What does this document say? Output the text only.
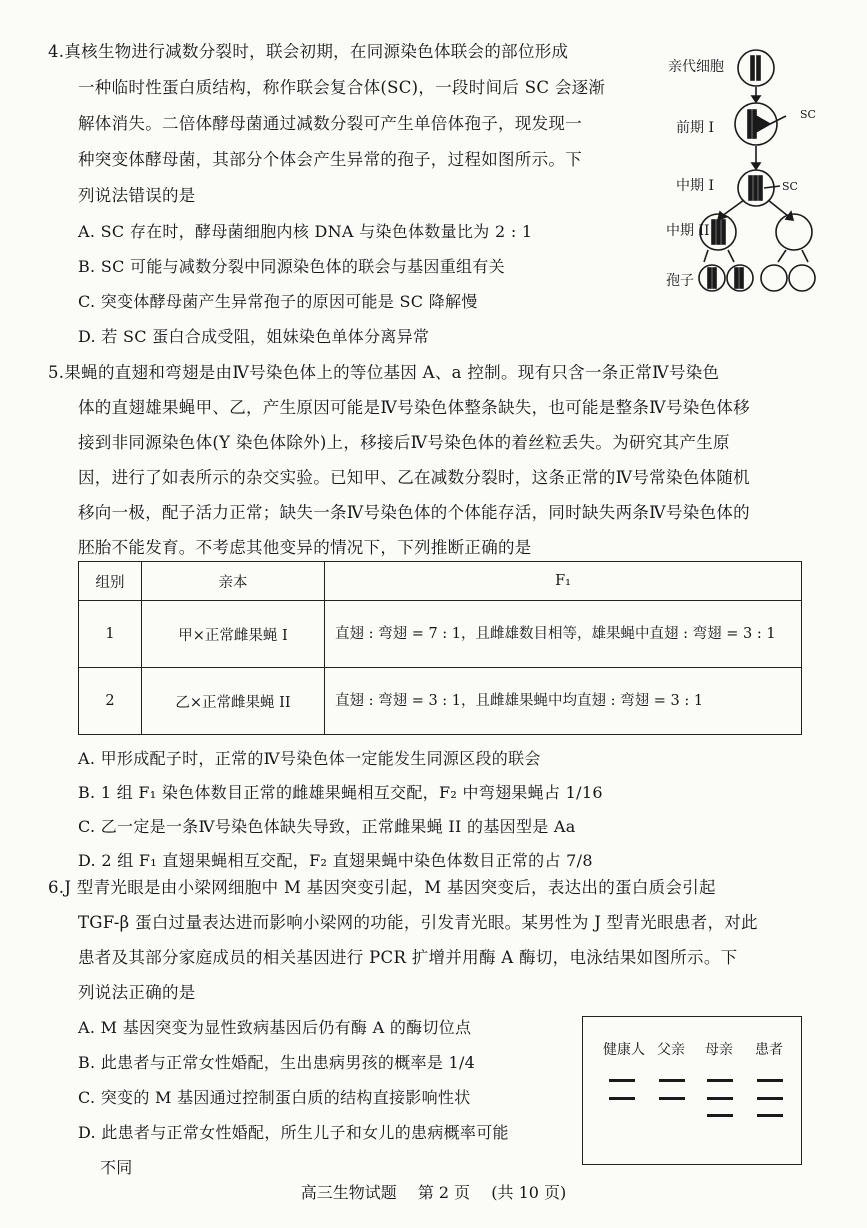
4.真核生物进行减数分裂时，联会初期，在同源染色体联会的部位形成
一种临时性蛋白质结构，称作联会复合体(SC)，一段时间后 SC 会逐渐
解体消失。二倍体酵母菌通过减数分裂可产生单倍体孢子，现发现一
种突变体酵母菌，其部分个体会产生异常的孢子，过程如图所示。下
列说法错误的是
A. SC 存在时，酵母菌细胞内核 DNA 与染色体数量比为 2 : 1
B. SC 可能与减数分裂中同源染色体的联会与基因重组有关
C. 突变体酵母菌产生异常孢子的原因可能是 SC 降解慢
D. 若 SC 蛋白合成受阻，姐妹染色单体分离异常
亲代细胞
前期 I
中期 I
中期 II
孢子
SC
SC
5.果蝇的直翅和弯翅是由Ⅳ号染色体上的等位基因 A、a 控制。现有只含一条正常Ⅳ号染色
体的直翅雄果蝇甲、乙，产生原因可能是Ⅳ号染色体整条缺失，也可能是整条Ⅳ号染色体移
接到非同源染色体(Y 染色体除外)上，移接后Ⅳ号染色体的着丝粒丢失。为研究其产生原
因，进行了如表所示的杂交实验。已知甲、乙在减数分裂时，这条正常的Ⅳ号常染色体随机
移向一极，配子活力正常；缺失一条Ⅳ号染色体的个体能存活，同时缺失两条Ⅳ号染色体的
胚胎不能发育。不考虑其他变异的情况下，下列推断正确的是
组别	亲本	F₁
1	甲×正常雌果蝇 I	直翅 : 弯翅 = 7 : 1，且雌雄数目相等，雄果蝇中直翅 : 弯翅 = 3 : 1
2	乙×正常雌果蝇 II	直翅 : 弯翅 = 3 : 1，且雌雄果蝇中均直翅 : 弯翅 = 3 : 1
A. 甲形成配子时，正常的Ⅳ号染色体一定能发生同源区段的联会
B. 1 组 F₁ 染色体数目正常的雌雄果蝇相互交配，F₂ 中弯翅果蝇占 1/16
C. 乙一定是一条Ⅳ号染色体缺失导致，正常雌果蝇 II 的基因型是 Aa
D. 2 组 F₁ 直翅果蝇相互交配，F₂ 直翅果蝇中染色体数目正常的占 7/8
6.J 型青光眼是由小梁网细胞中 M 基因突变引起，M 基因突变后，表达出的蛋白质会引起
TGF-β 蛋白过量表达进而影响小梁网的功能，引发青光眼。某男性为 J 型青光眼患者，对此
患者及其部分家庭成员的相关基因进行 PCR 扩增并用酶 A 酶切，电泳结果如图所示。下
列说法正确的是
A. M 基因突变为显性致病基因后仍有酶 A 的酶切位点
B. 此患者与正常女性婚配，生出患病男孩的概率是 1/4
C. 突变的 M 基因通过控制蛋白质的结构直接影响性状
D. 此患者与正常女性婚配，所生儿子和女儿的患病概率可能
不同
健康人 父亲 母亲 患者
高三生物试题 第 2 页 (共 10 页)
